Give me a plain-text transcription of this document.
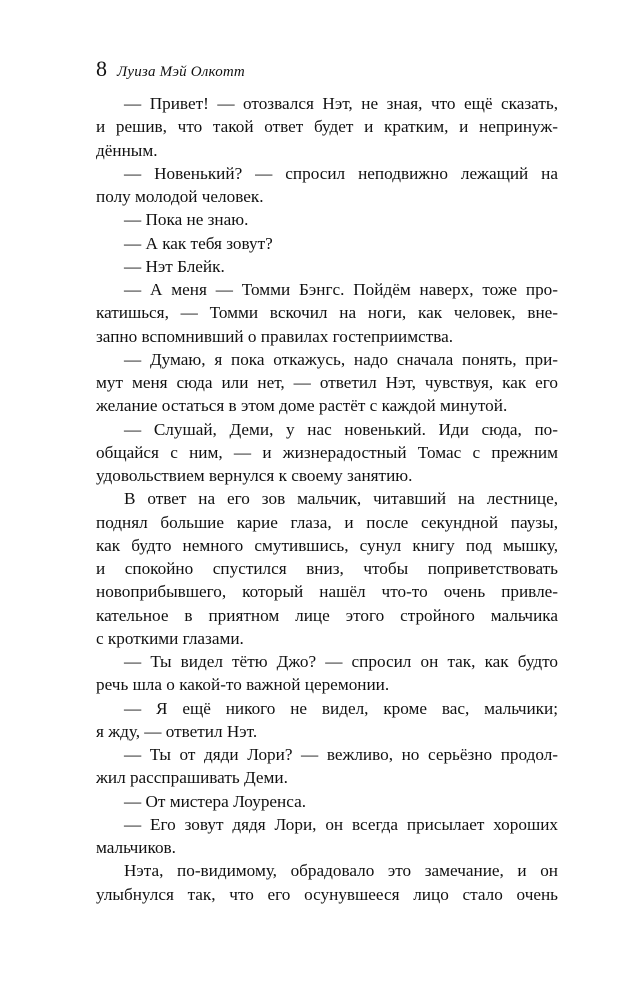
8 Луиза Мэй Олкотт
— Привет! — отозвался Нэт, не зная, что ещё сказать,
и решив, что такой ответ будет и кратким, и непринуж-
дённым.
— Новенький? — спросил неподвижно лежащий на
полу молодой человек.
— Пока не знаю.
— А как тебя зовут?
— Нэт Блейк.
— А меня — Томми Бэнгс. Пойдём наверх, тоже про-
катишься, — Томми вскочил на ноги, как человек, вне-
запно вспомнивший о правилах гостеприимства.
— Думаю, я пока откажусь, надо сначала понять, при-
мут меня сюда или нет, — ответил Нэт, чувствуя, как его
желание остаться в этом доме растёт с каждой минутой.
— Слушай, Деми, у нас новенький. Иди сюда, по-
общайся с ним, — и жизнерадостный Томас с прежним
удовольствием вернулся к своему занятию.
В ответ на его зов мальчик, читавший на лестнице,
поднял большие карие глаза, и после секундной паузы,
как будто немного смутившись, сунул книгу под мышку,
и спокойно спустился вниз, чтобы поприветствовать
новоприбывшего, который нашёл что-то очень привле-
кательное в приятном лице этого стройного мальчика
с кроткими глазами.
— Ты видел тётю Джо? — спросил он так, как будто
речь шла о какой-то важной церемонии.
— Я ещё никого не видел, кроме вас, мальчики;
я жду, — ответил Нэт.
— Ты от дяди Лори? — вежливо, но серьёзно продол-
жил расспрашивать Деми.
— От мистера Лоуренса.
— Его зовут дядя Лори, он всегда присылает хороших
мальчиков.
Нэта, по-видимому, обрадовало это замечание, и он
улыбнулся так, что его осунувшееся лицо стало очень
